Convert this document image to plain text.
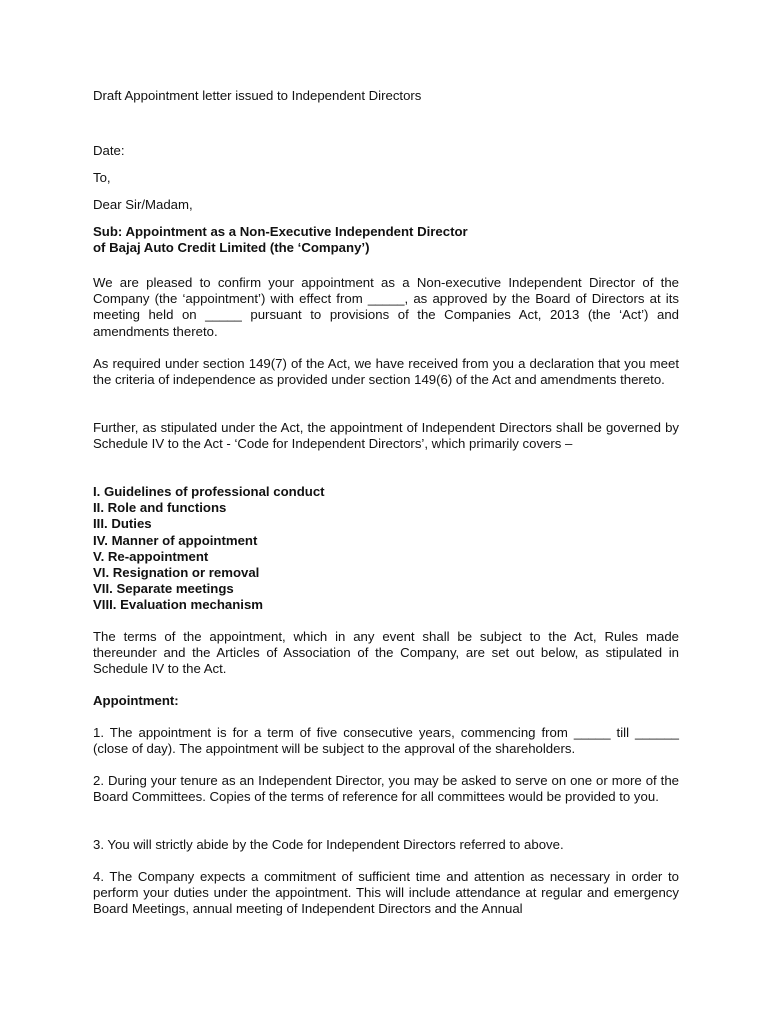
Draft Appointment letter issued to Independent Directors
Date:
To,
Dear Sir/Madam,
Sub: Appointment as a Non-Executive Independent Director
of Bajaj Auto Credit Limited (the ‘Company’)

We are pleased to confirm your appointment as a Non-executive Independent Director of the Company (the ‘appointment’) with effect from _____, as approved by the Board of Directors at its meeting held on _____ pursuant to provisions of the Companies Act, 2013 (the ‘Act’) and amendments thereto.

As required under section 149(7) of the Act, we have received from you a declaration that you meet the criteria of independence as provided under section 149(6) of the Act and amendments thereto.

Further, as stipulated under the Act, the appointment of Independent Directors shall be governed by Schedule IV to the Act - ‘Code for Independent Directors’, which primarily covers –

I. Guidelines of professional conduct
II. Role and functions
III. Duties
IV. Manner of appointment
V. Re-appointment
VI. Resignation or removal
VII. Separate meetings
VIII. Evaluation mechanism

The terms of the appointment, which in any event shall be subject to the Act, Rules made thereunder and the Articles of Association of the Company, are set out below, as stipulated in Schedule IV to the Act.

Appointment:

1. The appointment is for a term of five consecutive years, commencing from _____ till ______ (close of day). The appointment will be subject to the approval of the shareholders.

2. During your tenure as an Independent Director, you may be asked to serve on one or more of the Board Committees. Copies of the terms of reference for all committees would be provided to you.

3. You will strictly abide by the Code for Independent Directors referred to above.

4. The Company expects a commitment of sufficient time and attention as necessary in order to perform your duties under the appointment. This will include attendance at regular and emergency Board Meetings, annual meeting of Independent Directors and the Annual
